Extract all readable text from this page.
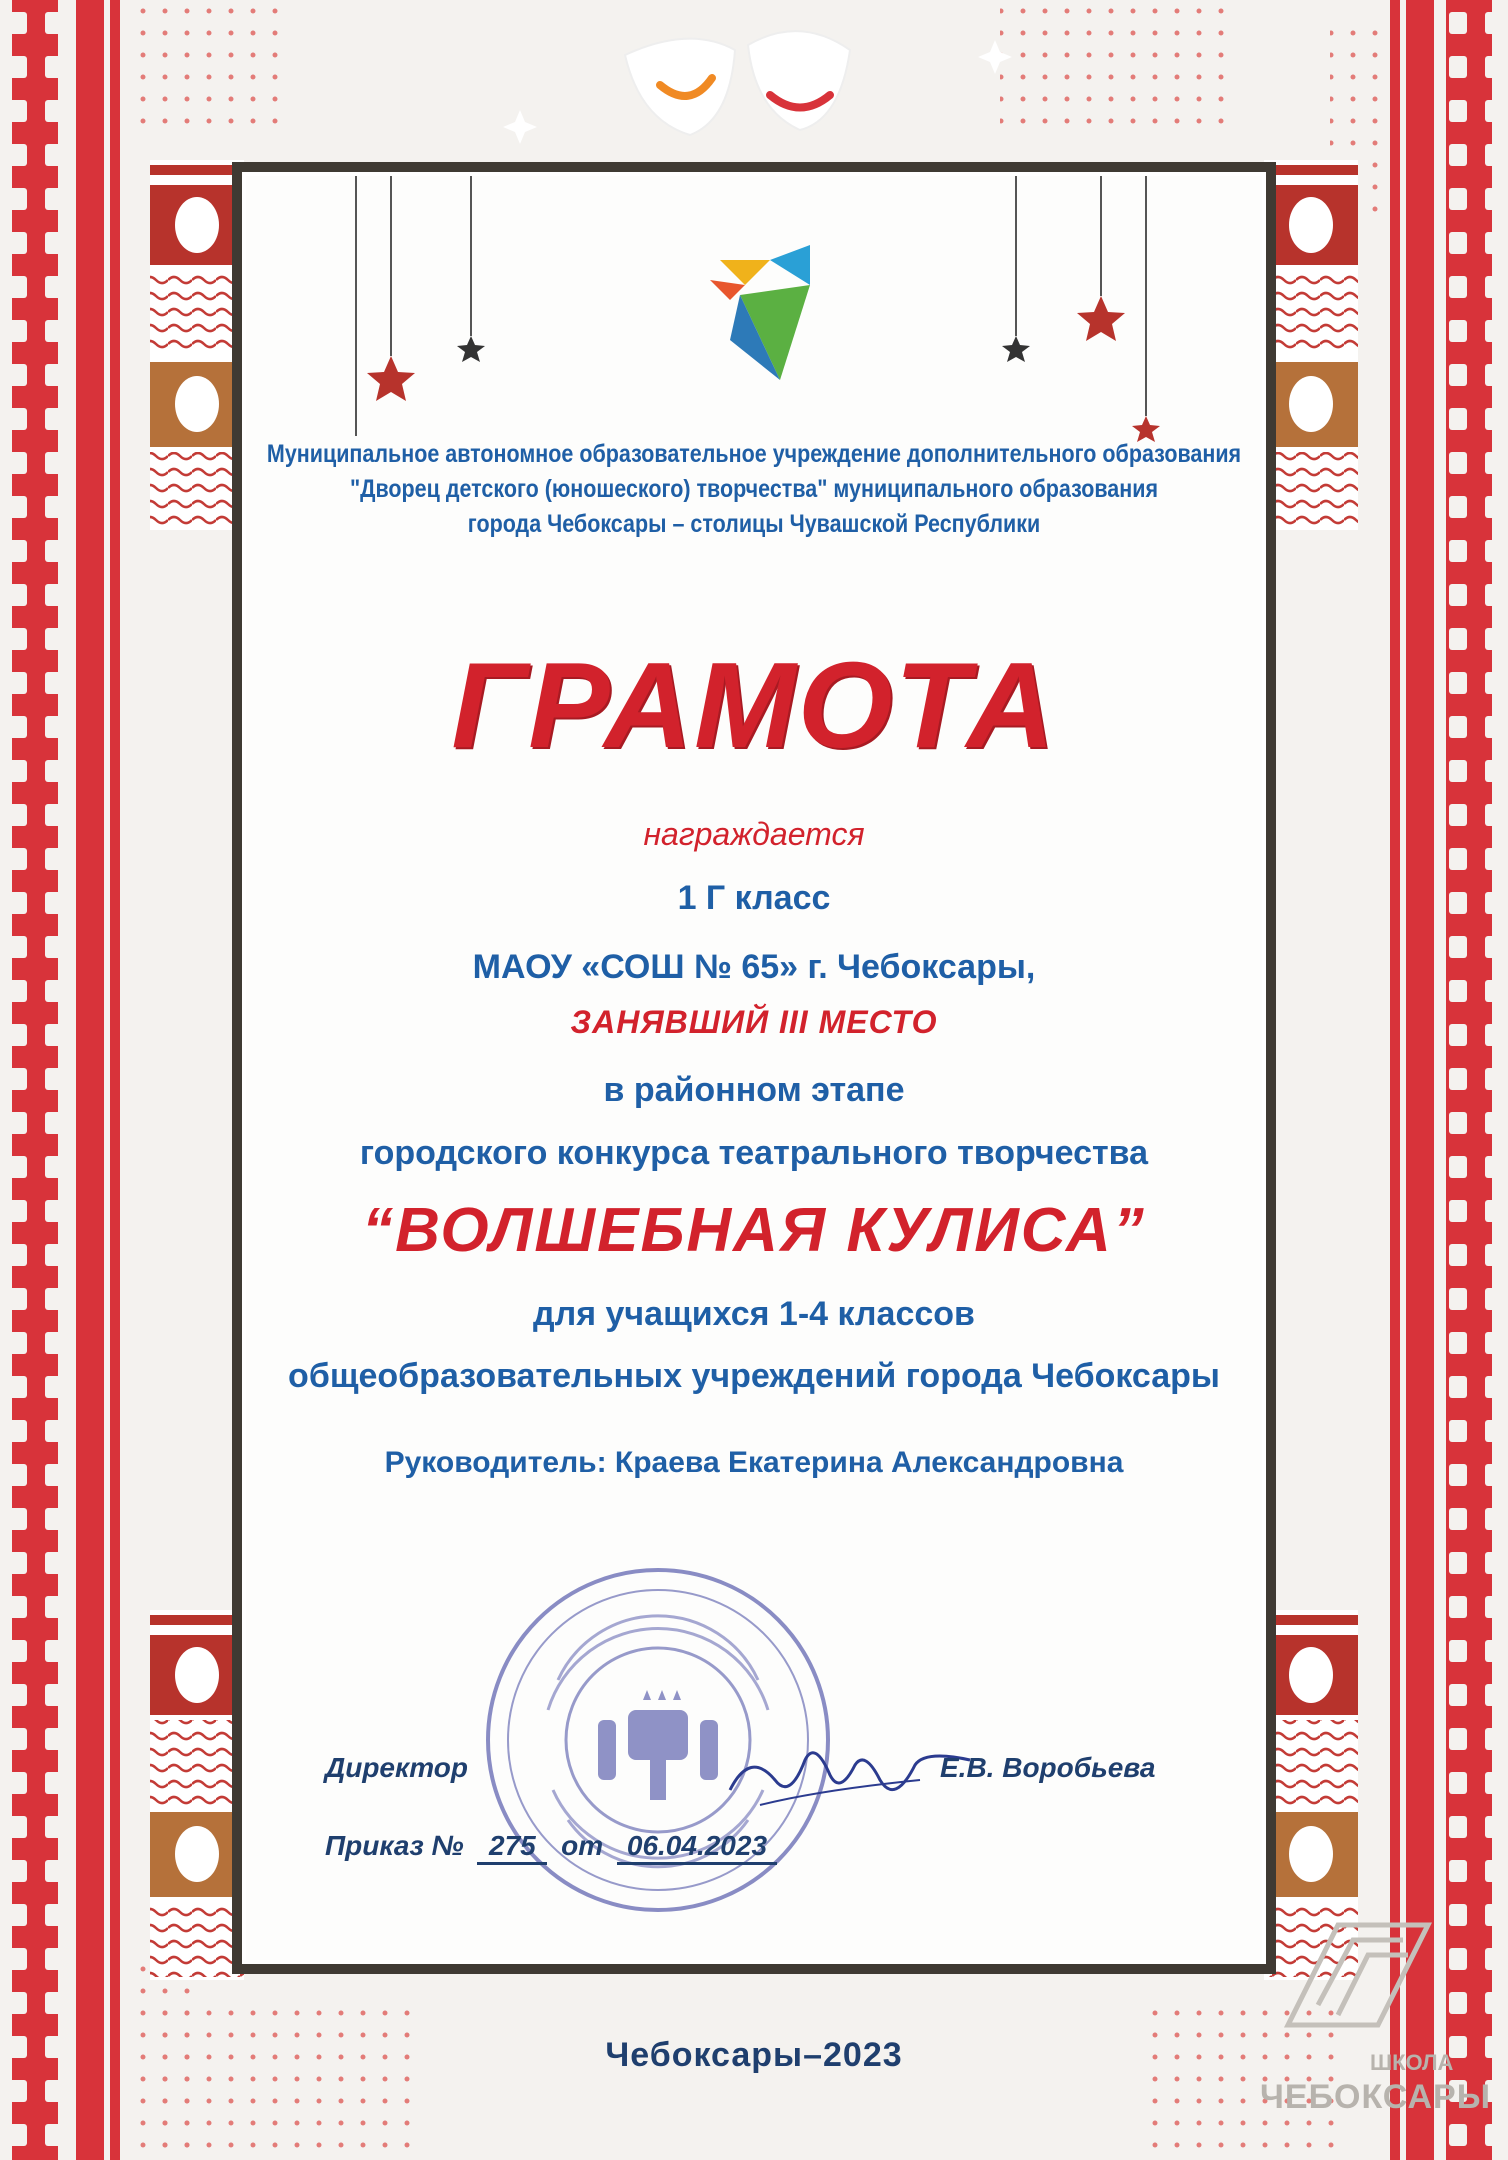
Муниципальное автономное образовательное учреждение дополнительного образования
"Дворец детского (юношеского) творчества" муниципального образования
города Чебоксары – столицы Чувашской Республики
ГРАМОТА
награждается
1 Г класс
МАОУ «СОШ № 65» г. Чебоксары,
ЗАНЯВШИЙ III МЕСТО
в районном этапе
городского конкурса театрального творчества
“ВОЛШЕБНАЯ КУЛИСА”
для учащихся 1-4 классов
общеобразовательных учреждений города Чебоксары
Руководитель: Краева Екатерина Александровна
Директор	Е.В. Воробьева
Приказ № 275 от 06.04.2023
Чебоксары–2023	ШКОЛА
ЧЕБОКСАРЫ
